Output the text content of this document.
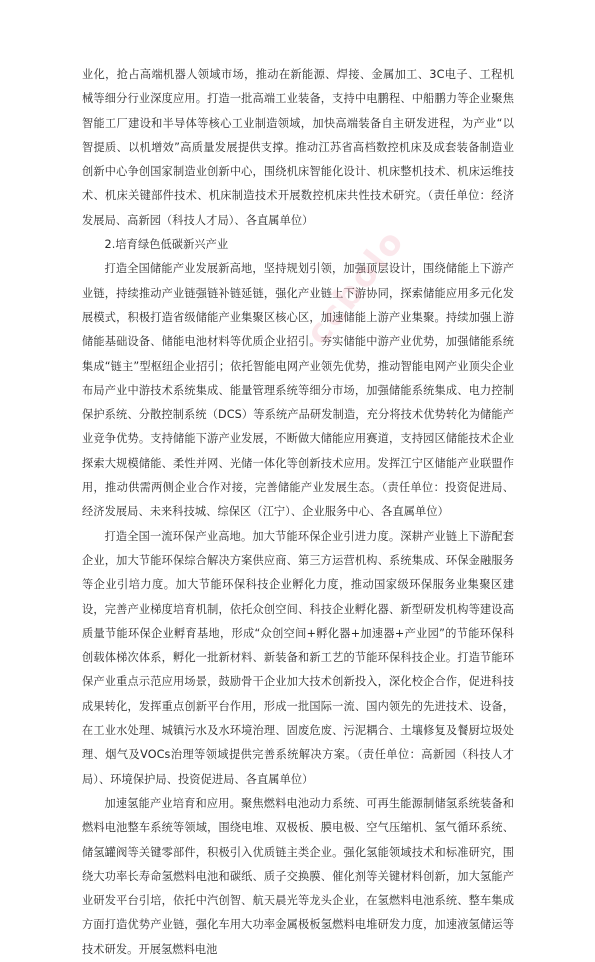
业化，抢占高端机器人领域市场，推动在新能源、焊接、金属加工、3C电子、工程机械等细分行业深度应用。打造一批高端工业装备，支持中电鹏程、中船鹏力等企业聚焦智能工厂建设和半导体等核心工业制造领域，加快高端装备自主研发进程，为产业“以智提质、以机增效”高质量发展提供支撑。推动江苏省高档数控机床及成套装备制造业创新中心争创国家制造业创新中心，围绕机床智能化设计、机床整机技术、机床运维技术、机床关键部件技术、机床制造技术开展数控机床共性技术研究。（责任单位：经济发展局、高新园（科技人才局）、各直属单位）

2.培育绿色低碳新兴产业

打造全国储能产业发展新高地，坚持规划引领，加强顶层设计，围绕储能上下游产业链，持续推动产业链强链补链延链，强化产业链上下游协同，探索储能应用多元化发展模式，积极打造省级储能产业集聚区核心区，加速储能上游产业集聚。持续加强上游储能基础设备、储能电池材料等优质企业招引。夯实储能中游产业优势，加强储能系统集成“链主”型枢纽企业招引；依托智能电网产业领先优势，推动智能电网产业顶尖企业布局产业中游技术系统集成、能量管理系统等细分市场，加强储能系统集成、电力控制保护系统、分散控制系统（DCS）等系统产品研发制造，充分将技术优势转化为储能产业竞争优势。支持储能下游产业发展，不断做大储能应用赛道，支持园区储能技术企业探索大规模储能、柔性并网、光储一体化等创新技术应用。发挥江宁区储能产业联盟作用，推动供需两侧企业合作对接，完善储能产业发展生态。（责任单位：投资促进局、经济发展局、未来科技城、综保区（江宁）、企业服务中心、各直属单位）

打造全国一流环保产业高地。加大节能环保企业引进力度。深耕产业链上下游配套企业，加大节能环保综合解决方案供应商、第三方运营机构、系统集成、环保金融服务等企业引培力度。加大节能环保科技企业孵化力度，推动国家级环保服务业集聚区建设，完善产业梯度培育机制，依托众创空间、科技企业孵化器、新型研发机构等建设高质量节能环保企业孵育基地，形成“众创空间+孵化器+加速器+产业园”的节能环保科创载体梯次体系，孵化一批新材料、新装备和新工艺的节能环保科技企业。打造节能环保产业重点示范应用场景，鼓励骨干企业加大技术创新投入，深化校企合作，促进科技成果转化，发挥重点创新平台作用，形成一批国际一流、国内领先的先进技术、设备，在工业水处理、城镇污水及水环境治理、固废危废、污泥耦合、土壤修复及餐厨垃圾处理、烟气及VOCs治理等领域提供完善系统解决方案。（责任单位：高新园（科技人才局）、环境保护局、投资促进局、各直属单位）

加速氢能产业培育和应用。聚焦燃料电池动力系统、可再生能源制储氢系统装备和燃料电池整车系统等领域，围绕电堆、双极板、膜电极、空气压缩机、氢气循环系统、储氢罐阀等关键零部件，积极引入优质链主类企业。强化氢能领域技术和标准研究，围绕大功率长寿命氢燃料电池和碳纸、质子交换膜、催化剂等关键材料创新，加大氢能产业研发平台引培，依托中汽创智、航天晨光等龙头企业，在氢燃料电池系统、整车集成方面打造优势产业链，强化车用大功率金属极板氢燃料电堆研发力度，加速液氢储运等技术研发。开展氢燃料电池

ccbolo
